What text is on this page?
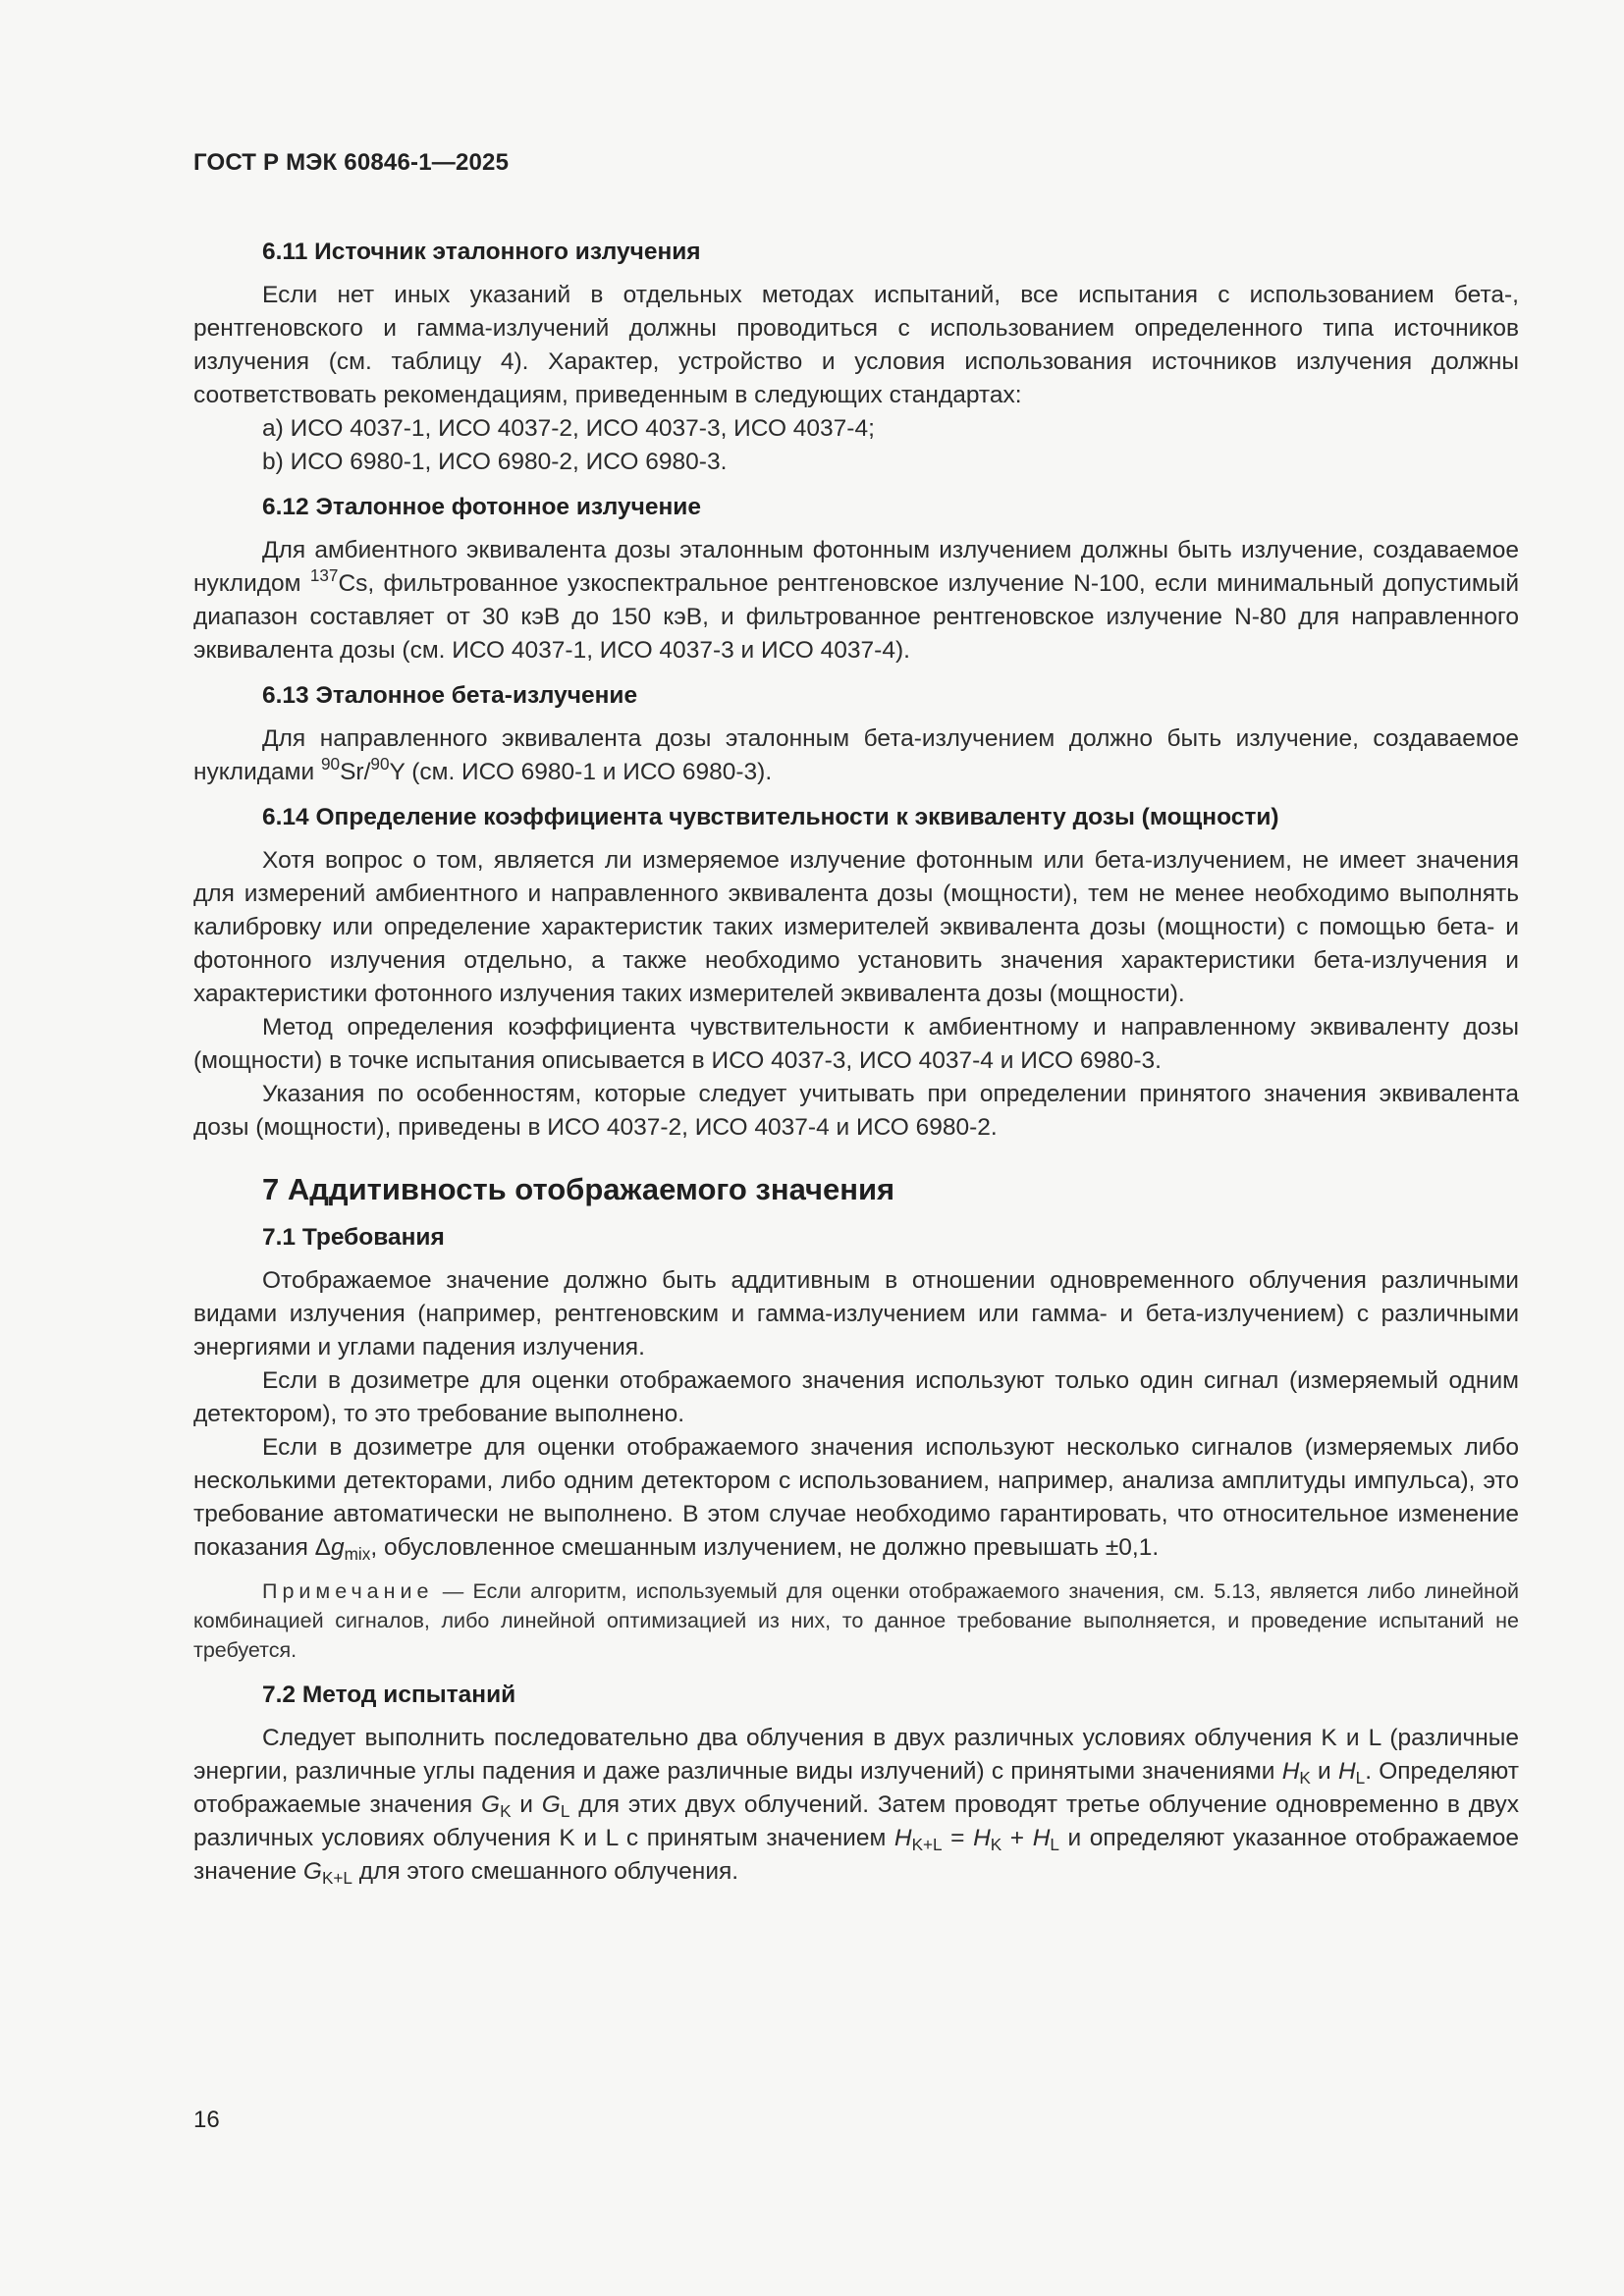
ГОСТ Р МЭК 60846-1—2025
6.11 Источник эталонного излучения

Если нет иных указаний в отдельных методах испытаний, все испытания с использованием бета-, рентгеновского и гамма-излучений должны проводиться с использованием определенного типа источников излучения (см. таблицу 4). Характер, устройство и условия использования источников излучения должны соответствовать рекомендациям, приведенным в следующих стандартах:

a) ИСО 4037-1, ИСО 4037-2, ИСО 4037-3, ИСО 4037-4;

b) ИСО 6980-1, ИСО 6980-2, ИСО 6980-3.

6.12 Эталонное фотонное излучение

Для амбиентного эквивалента дозы эталонным фотонным излучением должны быть излучение, создаваемое нуклидом $^{137}$Cs, фильтрованное узкоспектральное рентгеновское излучение N-100, если минимальный допустимый диапазон составляет от 30 кэВ до 150 кэВ, и фильтрованное рентгеновское излучение N-80 для направленного эквивалента дозы (см. ИСО 4037-1, ИСО 4037-3 и ИСО 4037-4).

6.13 Эталонное бета-излучение

Для направленного эквивалента дозы эталонным бета-излучением должно быть излучение, создаваемое нуклидами $^{90}$Sr/$^{90}$Y (см. ИСО 6980-1 и ИСО 6980-3).

6.14 Определение коэффициента чувствительности к эквиваленту дозы (мощности)

Хотя вопрос о том, является ли измеряемое излучение фотонным или бета-излучением, не имеет значения для измерений амбиентного и направленного эквивалента дозы (мощности), тем не менее необходимо выполнять калибровку или определение характеристик таких измерителей эквивалента дозы (мощности) с помощью бета- и фотонного излучения отдельно, а также необходимо установить значения характеристики бета-излучения и характеристики фотонного излучения таких измерителей эквивалента дозы (мощности).

Метод определения коэффициента чувствительности к амбиентному и направленному эквиваленту дозы (мощности) в точке испытания описывается в ИСО 4037-3, ИСО 4037-4 и ИСО 6980-3.

Указания по особенностям, которые следует учитывать при определении принятого значения эквивалента дозы (мощности), приведены в ИСО 4037-2, ИСО 4037-4 и ИСО 6980-2.

7 Аддитивность отображаемого значения
7.1 Требования

Отображаемое значение должно быть аддитивным в отношении одновременного облучения различными видами излучения (например, рентгеновским и гамма-излучением или гамма- и бета-излучением) с различными энергиями и углами падения излучения.

Если в дозиметре для оценки отображаемого значения используют только один сигнал (измеряемый одним детектором), то это требование выполнено.

Если в дозиметре для оценки отображаемого значения используют несколько сигналов (измеряемых либо несколькими детекторами, либо одним детектором с использованием, например, анализа амплитуды импульса), это требование автоматически не выполнено. В этом случае необходимо гарантировать, что относительное изменение показания $\Delta g_{mix}$, обусловленное смешанным излучением, не должно превышать ±0,1.

Примечание — Если алгоритм, используемый для оценки отображаемого значения, см. 5.13, является либо линейной комбинацией сигналов, либо линейной оптимизацией из них, то данное требование выполняется, и проведение испытаний не требуется.

7.2 Метод испытаний

Следует выполнить последовательно два облучения в двух различных условиях облучения K и L (различные энергии, различные углы падения и даже различные виды излучений) с принятыми значениями $H_K$ и $H_L$. Определяют отображаемые значения $G_K$ и $G_L$ для этих двух облучений. Затем проводят третье облучение одновременно в двух различных условиях облучения K и L с принятым значением $H_{K+L} = H_K + H_L$ и определяют указанное отображаемое значение $G_{K+L}$ для этого смешанного облучения.

16
